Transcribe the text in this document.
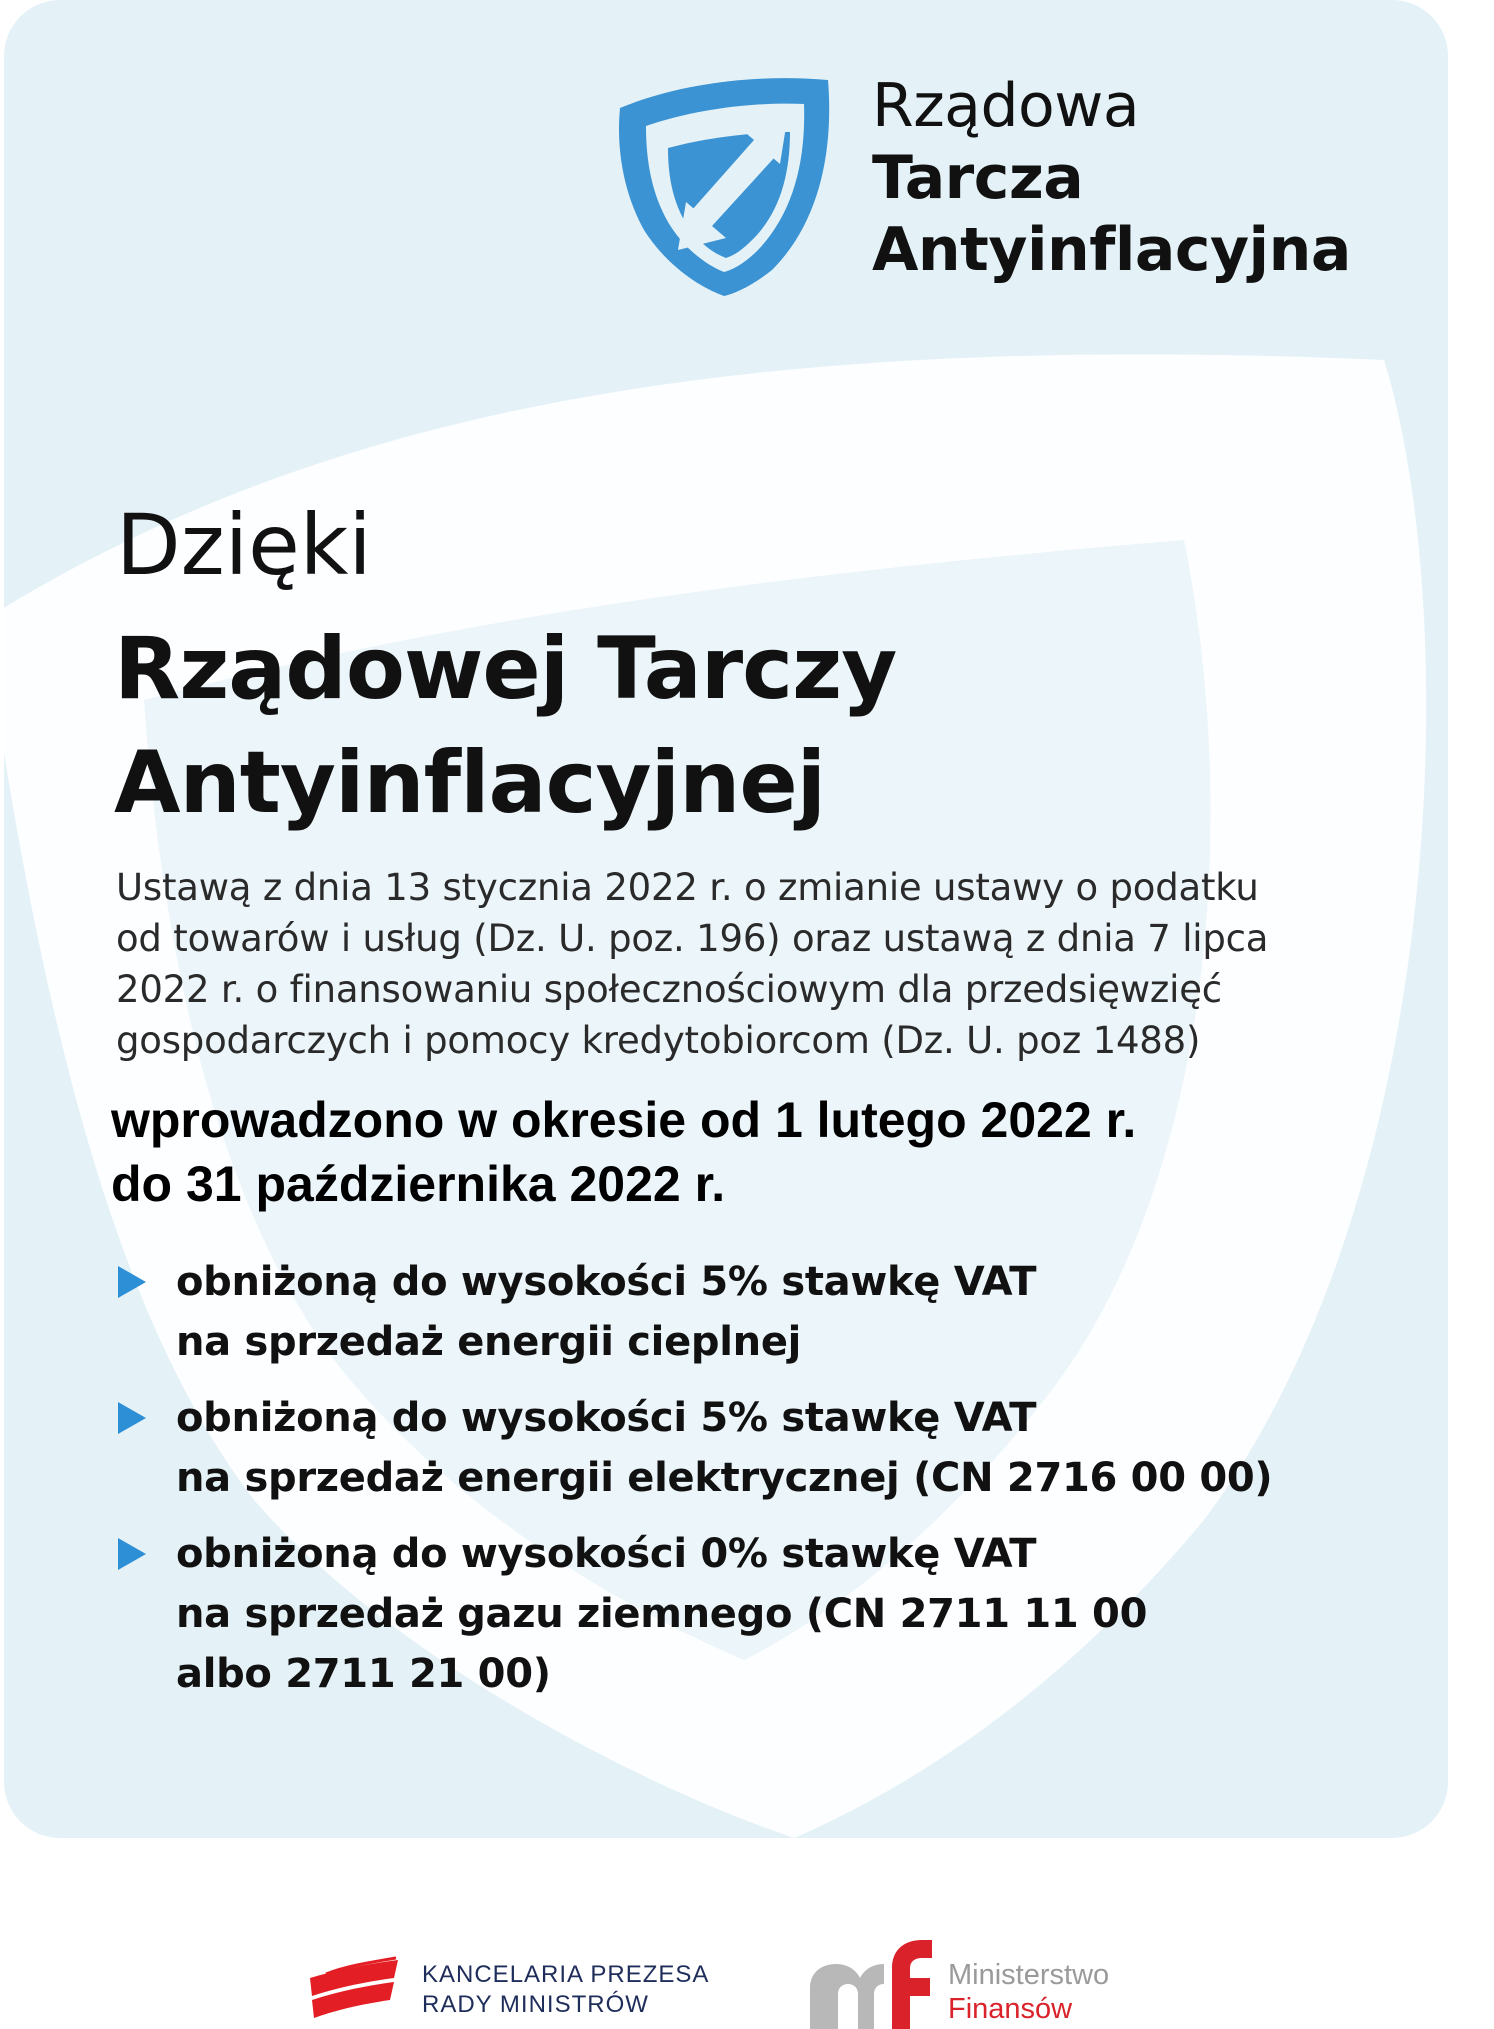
Rządowa
Tarcza
Antyinflacyjna
Dzięki
Rządowej Tarczy
Antyinflacyjnej

Ustawą z dnia 13 stycznia 2022 r. o zmianie ustawy o podatku
od towarów i usług (Dz. U. poz. 196) oraz ustawą z dnia 7 lipca
2022 r. o finansowaniu społecznościowym dla przedsięwzięć
gospodarczych i pomocy kredytobiorcom (Dz. U. poz 1488)

wprowadzono w okresie od 1 lutego 2022 r.
do 31 października 2022 r.

obniżoną do wysokości 5% stawkę VAT
na sprzedaż energii cieplnej
obniżoną do wysokości 5% stawkę VAT
na sprzedaż energii elektrycznej (CN 2716 00 00)
obniżoną do wysokości 0% stawkę VAT
na sprzedaż gazu ziemnego (CN 2711 11 00
albo 2711 21 00)
KANCELARIA PREZESA
RADY MINISTRÓW
Ministerstwo
Finansów
